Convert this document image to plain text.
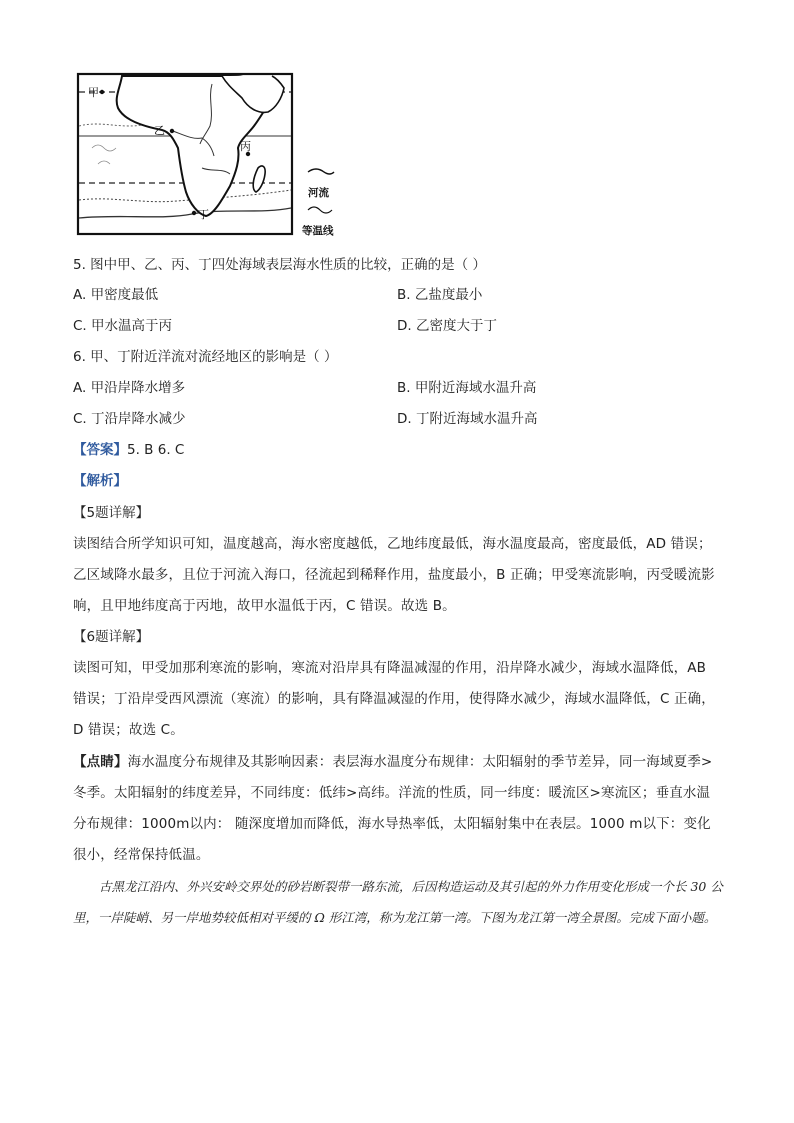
甲
乙
丙
丁
河流
等温线
5. 图中甲、乙、丙、丁四处海域表层海水性质的比较，正确的是（ ）
A. 甲密度最低	B. 乙盐度最小
C. 甲水温高于丙	D. 乙密度大于丁
6. 甲、丁附近洋流对流经地区的影响是（ ）
A. 甲沿岸降水增多	B. 甲附近海域水温升高
C. 丁沿岸降水减少	D. 丁附近海域水温升高
【答案】5. B 6. C
【解析】
【5题详解】
读图结合所学知识可知，温度越高，海水密度越低，乙地纬度最低，海水温度最高，密度最低，AD 错误；乙区域降水最多，且位于河流入海口，径流起到稀释作用，盐度最小，B 正确；甲受寒流影响，丙受暖流影响，且甲地纬度高于丙地，故甲水温低于丙，C 错误。故选 B。
【6题详解】
读图可知，甲受加那利寒流的影响，寒流对沿岸具有降温减湿的作用，沿岸降水减少，海域水温降低，AB 错误；丁沿岸受西风漂流（寒流）的影响，具有降温减湿的作用，使得降水减少，海域水温降低，C 正确，D 错误；故选 C。
【点睛】海水温度分布规律及其影响因素：表层海水温度分布规律：太阳辐射的季节差异，同一海域夏季>冬季。太阳辐射的纬度差异，不同纬度：低纬>高纬。洋流的性质，同一纬度：暖流区>寒流区；垂直水温分布规律：1000m以内： 随深度增加而降低，海水导热率低，太阳辐射集中在表层。1000 m以下：变化很小，经常保持低温。
古黑龙江沿内、外兴安岭交界处的砂岩断裂带一路东流，后因构造运动及其引起的外力作用变化形成一个长 30 公里，一岸陡峭、另一岸地势较低相对平缓的 Ω 形江湾，称为龙江第一湾。下图为龙江第一湾全景图。完成下面小题。
